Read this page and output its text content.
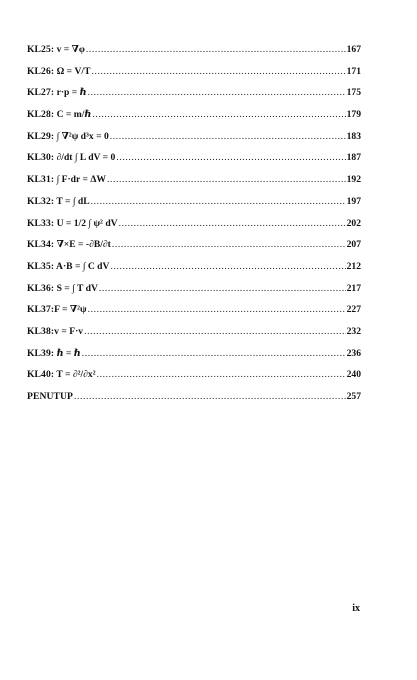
KL25: v = ∇φ .....	167
KL26: Ω = V/T .....	171
KL27: r·p = ℏ .....	175
KL28: C = m/ℏ .....	179
KL29: ∫ ∇²ψ d³x = 0 .....	183
KL30: ∂/dt ∫ L dV = 0 .....	187
KL31: ∫ F·dr = ΔW .....	192
KL32: T = ∫ dL .....	197
KL33: U = 1/2 ∫ ψ² dV .....	202
KL34: ∇×E = -∂B/∂t .....	207
KL35: A·B = ∫ C dV .....	212
KL36: S = ∫ T dV .....	217
KL37:F = ∇²ψ .....	227
KL38:v = F·v .....	232
KL39: ℏ = ℏ .....	236
KL40: T = ∂²/∂x² .....	240
PENUTUP .....	257
ix
